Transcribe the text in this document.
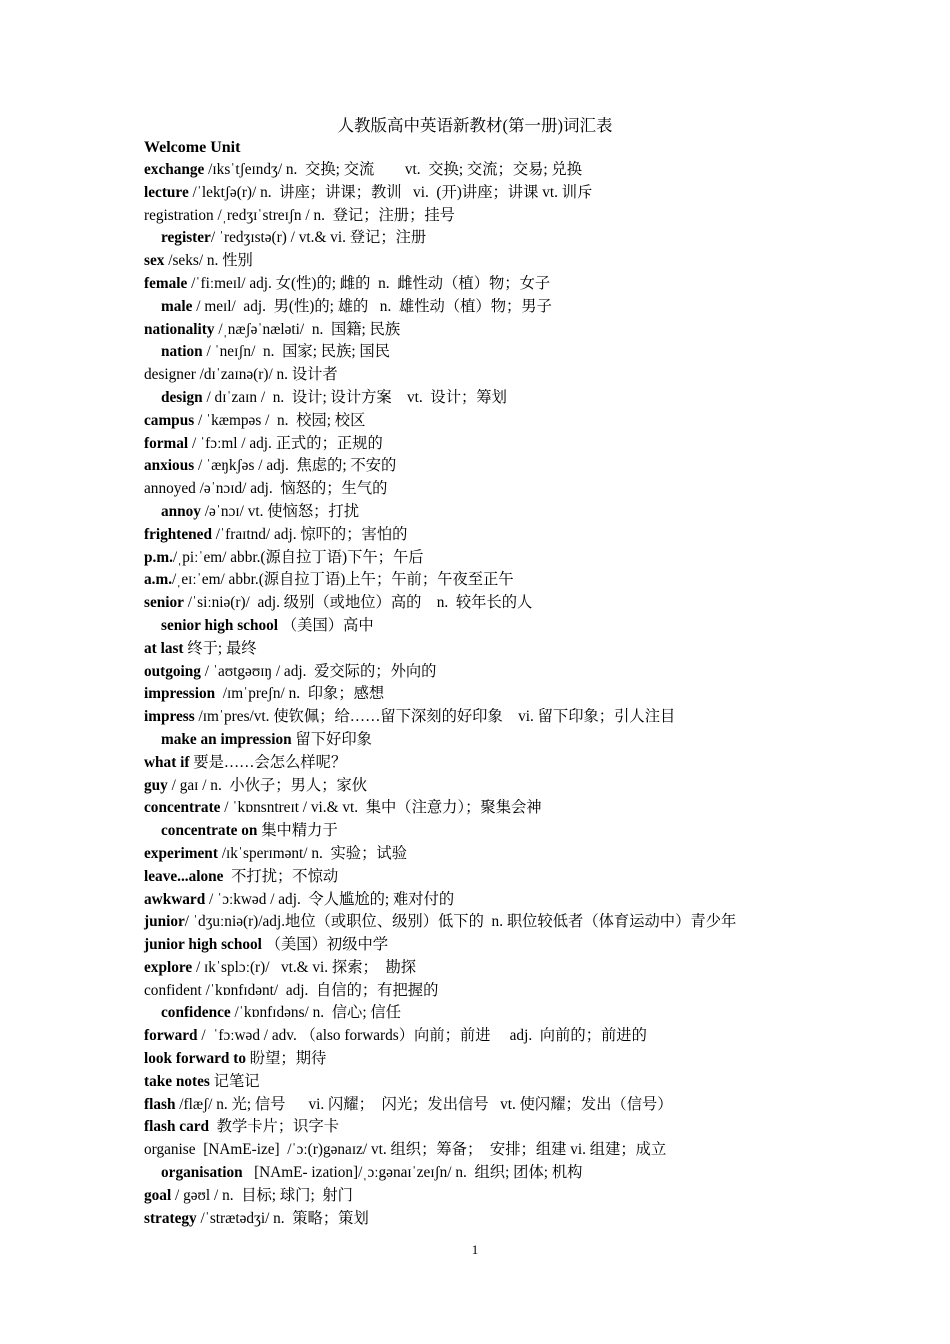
人教版高中英语新教材(第一册)词汇表
Welcome Unit
exchange /ɪksˈtʃeɪndʒ/ n.  交换; 交流        vt.  交换; 交流；交易; 兑换
lecture /ˈlektʃə(r)/ n.  讲座；讲课；教训   vi.  (开)讲座；讲课 vt. 训斥
registration /ˌredʒɪˈstreɪʃn / n.  登记；注册；挂号
register/ ˈredʒɪstə(r) / vt.& vi. 登记；注册
sex /seks/ n. 性别
female /ˈfiːmeɪl/ adj. 女(性)的; 雌的  n.  雌性动（植）物；女子
male / meɪl/  adj.  男(性)的; 雄的   n.  雄性动（植）物；男子
nationality /ˌnæʃəˈnæləti/  n.  国籍; 民族
nation / ˈneɪʃn/  n.  国家; 民族; 国民
designer /dɪˈzaɪnə(r)/ n. 设计者
design / dɪˈzaɪn /  n.  设计; 设计方案    vt.  设计；筹划
campus / ˈkæmpəs /  n.  校园; 校区
formal / ˈfɔːml / adj. 正式的；正规的
anxious / ˈæŋkʃəs / adj.  焦虑的; 不安的
annoyed /əˈnɔɪd/ adj.  恼怒的；生气的
annoy /əˈnɔɪ/ vt. 使恼怒；打扰
frightened /ˈfraɪtnd/ adj. 惊吓的；害怕的
p.m./ˌpiːˈem/ abbr.(源自拉丁语)下午；午后
a.m./ˌeɪːˈem/ abbr.(源自拉丁语)上午；午前；午夜至正午
senior /ˈsiːniə(r)/  adj. 级别（或地位）高的    n.  较年长的人
senior high school （美国）高中
at last 终于; 最终
outgoing / ˈaʊtgəʊɪŋ / adj.  爱交际的；外向的
impression  /ɪmˈpreʃn/ n.  印象；感想
impress /ɪmˈpres/vt. 使钦佩；给……留下深刻的好印象    vi. 留下印象；引人注目
make an impression 留下好印象
what if 要是……会怎么样呢？
guy / gaɪ / n.  小伙子；男人；家伙
concentrate / ˈkɒnsntreɪt / vi.& vt.  集中（注意力）；聚集会神
concentrate on 集中精力于
experiment /ɪkˈsperɪmənt/ n.  实验；试验
leave...alone  不打扰；不惊动
awkward / ˈɔːkwəd / adj.  令人尴尬的; 难对付的
junior/ ˈdʒuːniə(r)/adj.地位（或职位、级别）低下的  n. 职位较低者（体育运动中）青少年
junior high school （美国）初级中学
explore / ɪkˈsplɔː(r)/   vt.& vi. 探索；  勘探
confident /ˈkɒnfɪdənt/  adj.  自信的；有把握的
confidence /ˈkɒnfɪdəns/ n.  信心; 信任
forward /  ˈfɔːwəd / adv. （also forwards）向前；前进     adj.  向前的；前进的
look forward to 盼望；期待
take notes 记笔记
flash /flæʃ/ n. 光; 信号      vi. 闪耀；  闪光；发出信号   vt. 使闪耀；发出（信号）
flash card  教学卡片；识字卡
organise  [NAmE-ize]  /ˈɔː(r)gənaɪz/ vt. 组织；筹备；  安排；组建 vi. 组建；成立
organisation   [NAmE- ization]/ˌɔːgənaɪˈzeɪʃn/ n.  组织; 团体; 机构
goal / gəʊl / n.  目标; 球门;  射门
strategy /ˈstrætədʒi/ n.  策略；策划
1
